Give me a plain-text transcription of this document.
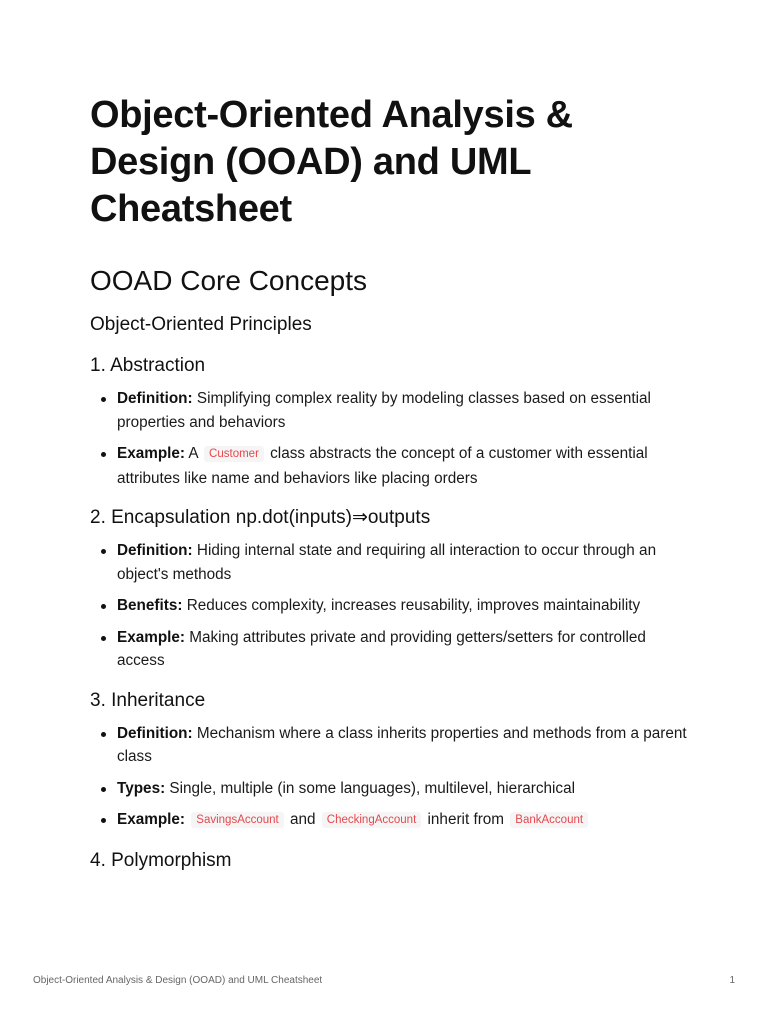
Object-Oriented Analysis & Design (OOAD) and UML Cheatsheet
OOAD Core Concepts
Object-Oriented Principles
1. Abstraction
Definition: Simplifying complex reality by modeling classes based on essential properties and behaviors
Example: A Customer class abstracts the concept of a customer with essential attributes like name and behaviors like placing orders
2. Encapsulation np.dot(inputs)⇒outputs
Definition: Hiding internal state and requiring all interaction to occur through an object's methods
Benefits: Reduces complexity, increases reusability, improves maintainability
Example: Making attributes private and providing getters/setters for controlled access
3. Inheritance
Definition: Mechanism where a class inherits properties and methods from a parent class
Types: Single, multiple (in some languages), multilevel, hierarchical
Example: SavingsAccount and CheckingAccount inherit from BankAccount
4. Polymorphism
Object-Oriented Analysis & Design (OOAD) and UML Cheatsheet	1
